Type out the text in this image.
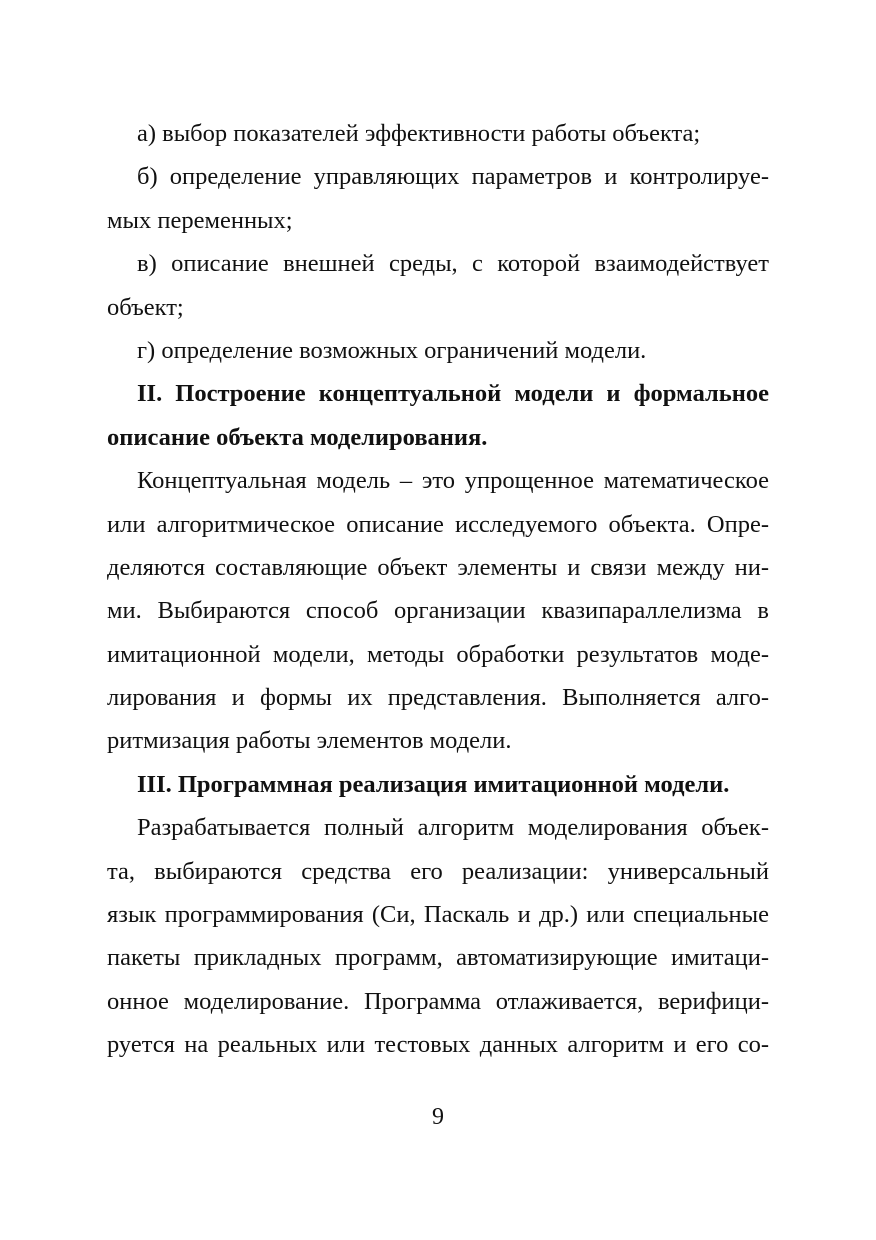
а) выбор показателей эффективности работы объекта;
б) определение управляющих параметров и контролируе-
мых переменных;
в) описание внешней среды, с которой взаимодействует
объект;
г) определение возможных ограничений модели.
II. Построение концептуальной модели и формальное
описание объекта моделирования.
Концептуальная модель – это упрощенное математическое
или алгоритмическое описание исследуемого объекта. Опре-
деляются составляющие объект элементы и связи между ни-
ми. Выбираются способ организации квазипараллелизма в
имитационной модели, методы обработки результатов моде-
лирования и формы их представления. Выполняется алго-
ритмизация работы элементов модели.
III. Программная реализация имитационной модели.
Разрабатывается полный алгоритм моделирования объек-
та, выбираются средства его реализации: универсальный
язык программирования (Си, Паскаль и др.) или специальные
пакеты прикладных программ, автоматизирующие имитаци-
онное моделирование. Программа отлаживается, верифици-
руется на реальных или тестовых данных алгоритм и его со-
9
